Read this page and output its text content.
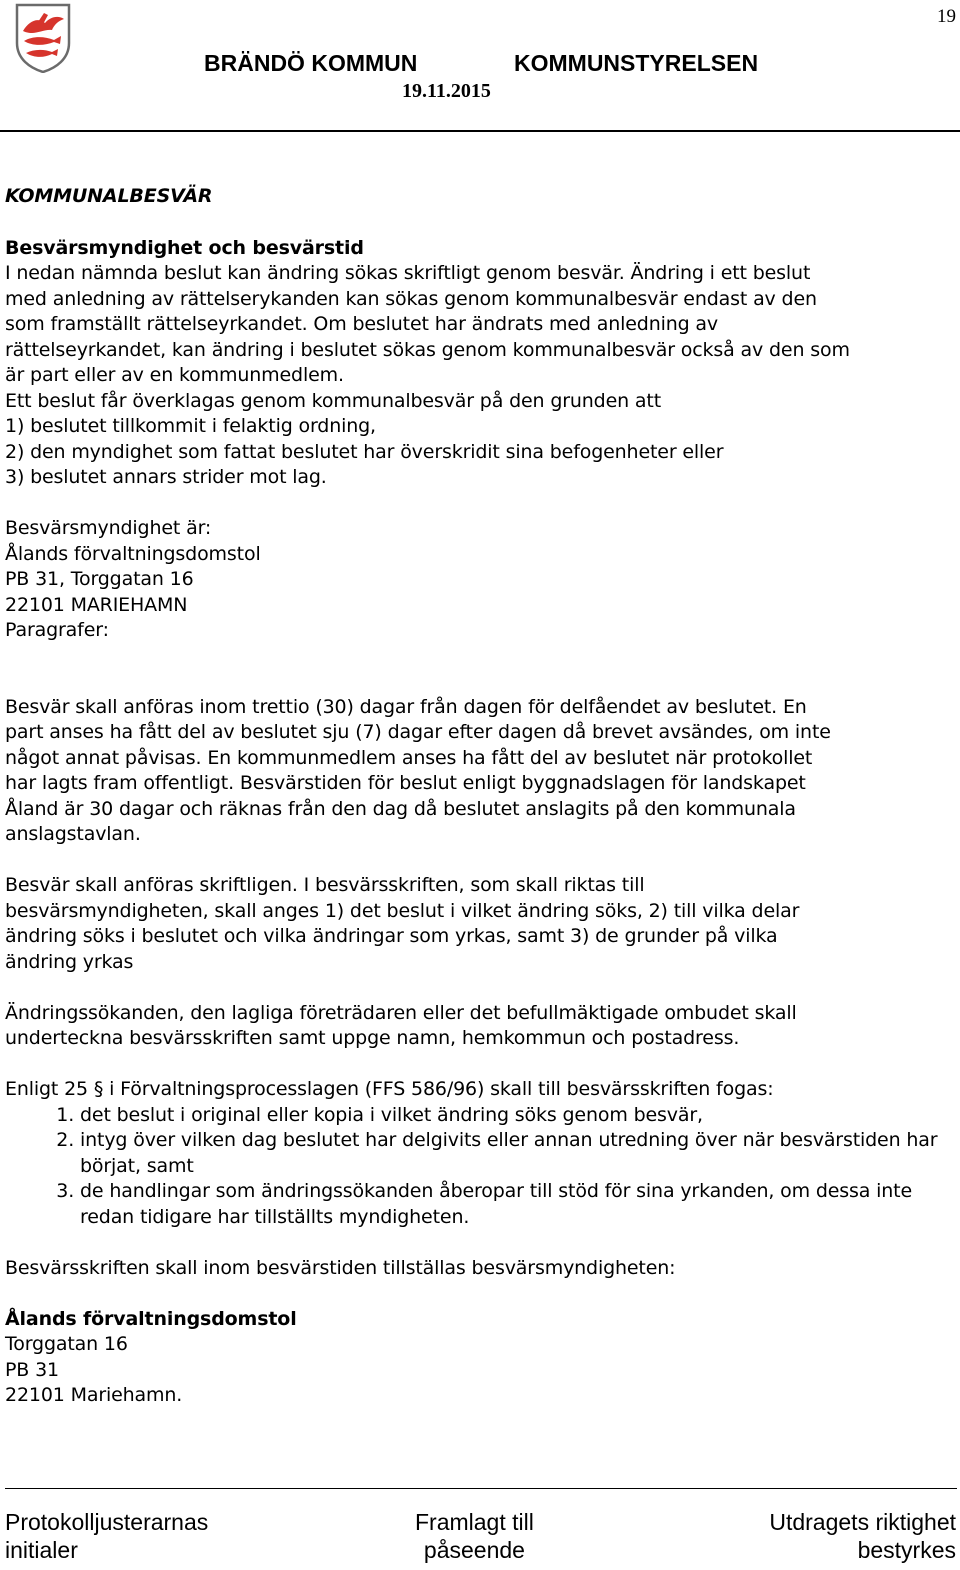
19
BRÄNDÖ KOMMUN	KOMMUNSTYRELSEN
19.11.2015

KOMMUNALBESVÄR

Besvärsmyndighet och besvärstid

I nedan nämnda beslut kan ändring sökas skriftligt genom besvär. Ändring i ett beslut

med anledning av rättelserykanden kan sökas genom kommunalbesvär endast av den

som framställt rättelseyrkandet. Om beslutet har ändrats med anledning av

rättelseyrkandet, kan ändring i beslutet sökas genom kommunalbesvär också av den som

är part eller av en kommunmedlem.

Ett beslut får överklagas genom kommunalbesvär på den grunden att

1) beslutet tillkommit i felaktig ordning,

2) den myndighet som fattat beslutet har överskridit sina befogenheter eller

3) beslutet annars strider mot lag.

Besvärsmyndighet är:

Ålands förvaltningsdomstol

PB 31, Torggatan 16

22101 MARIEHAMN

Paragrafer:

Besvär skall anföras inom trettio (30) dagar från dagen för delfåendet av beslutet. En

part anses ha fått del av beslutet sju (7) dagar efter dagen då brevet avsändes, om inte

något annat påvisas. En kommunmedlem anses ha fått del av beslutet när protokollet

har lagts fram offentligt. Besvärstiden för beslut enligt byggnadslagen för landskapet

Åland är 30 dagar och räknas från den dag då beslutet anslagits på den kommunala

anslagstavlan.

Besvär skall anföras skriftligen. I besvärsskriften, som skall riktas till

besvärsmyndigheten, skall anges 1) det beslut i vilket ändring söks, 2) till vilka delar

ändring söks i beslutet och vilka ändringar som yrkas, samt 3) de grunder på vilka

ändring yrkas

Ändringssökanden, den lagliga företrädaren eller det befullmäktigade ombudet skall

underteckna besvärsskriften samt uppge namn, hemkommun och postadress.

Enligt 25 § i Förvaltningsprocesslagen (FFS 586/96) skall till besvärsskriften fogas:

1. det beslut i original eller kopia i vilket ändring söks genom besvär,
2. intyg över vilken dag beslutet har delgivits eller annan utredning över när besvärstiden har börjat, samt
3. de handlingar som ändringssökanden åberopar till stöd för sina yrkanden, om dessa inte redan tidigare har tillställts myndigheten.

Besvärsskriften skall inom besvärstiden tillställas besvärsmyndigheten:

Ålands förvaltningsdomstol

Torggatan 16

PB 31

22101 Mariehamn.

Protokolljusterarnas
initialer
Framlagt till
påseende
Utdragets riktighet
bestyrkes
